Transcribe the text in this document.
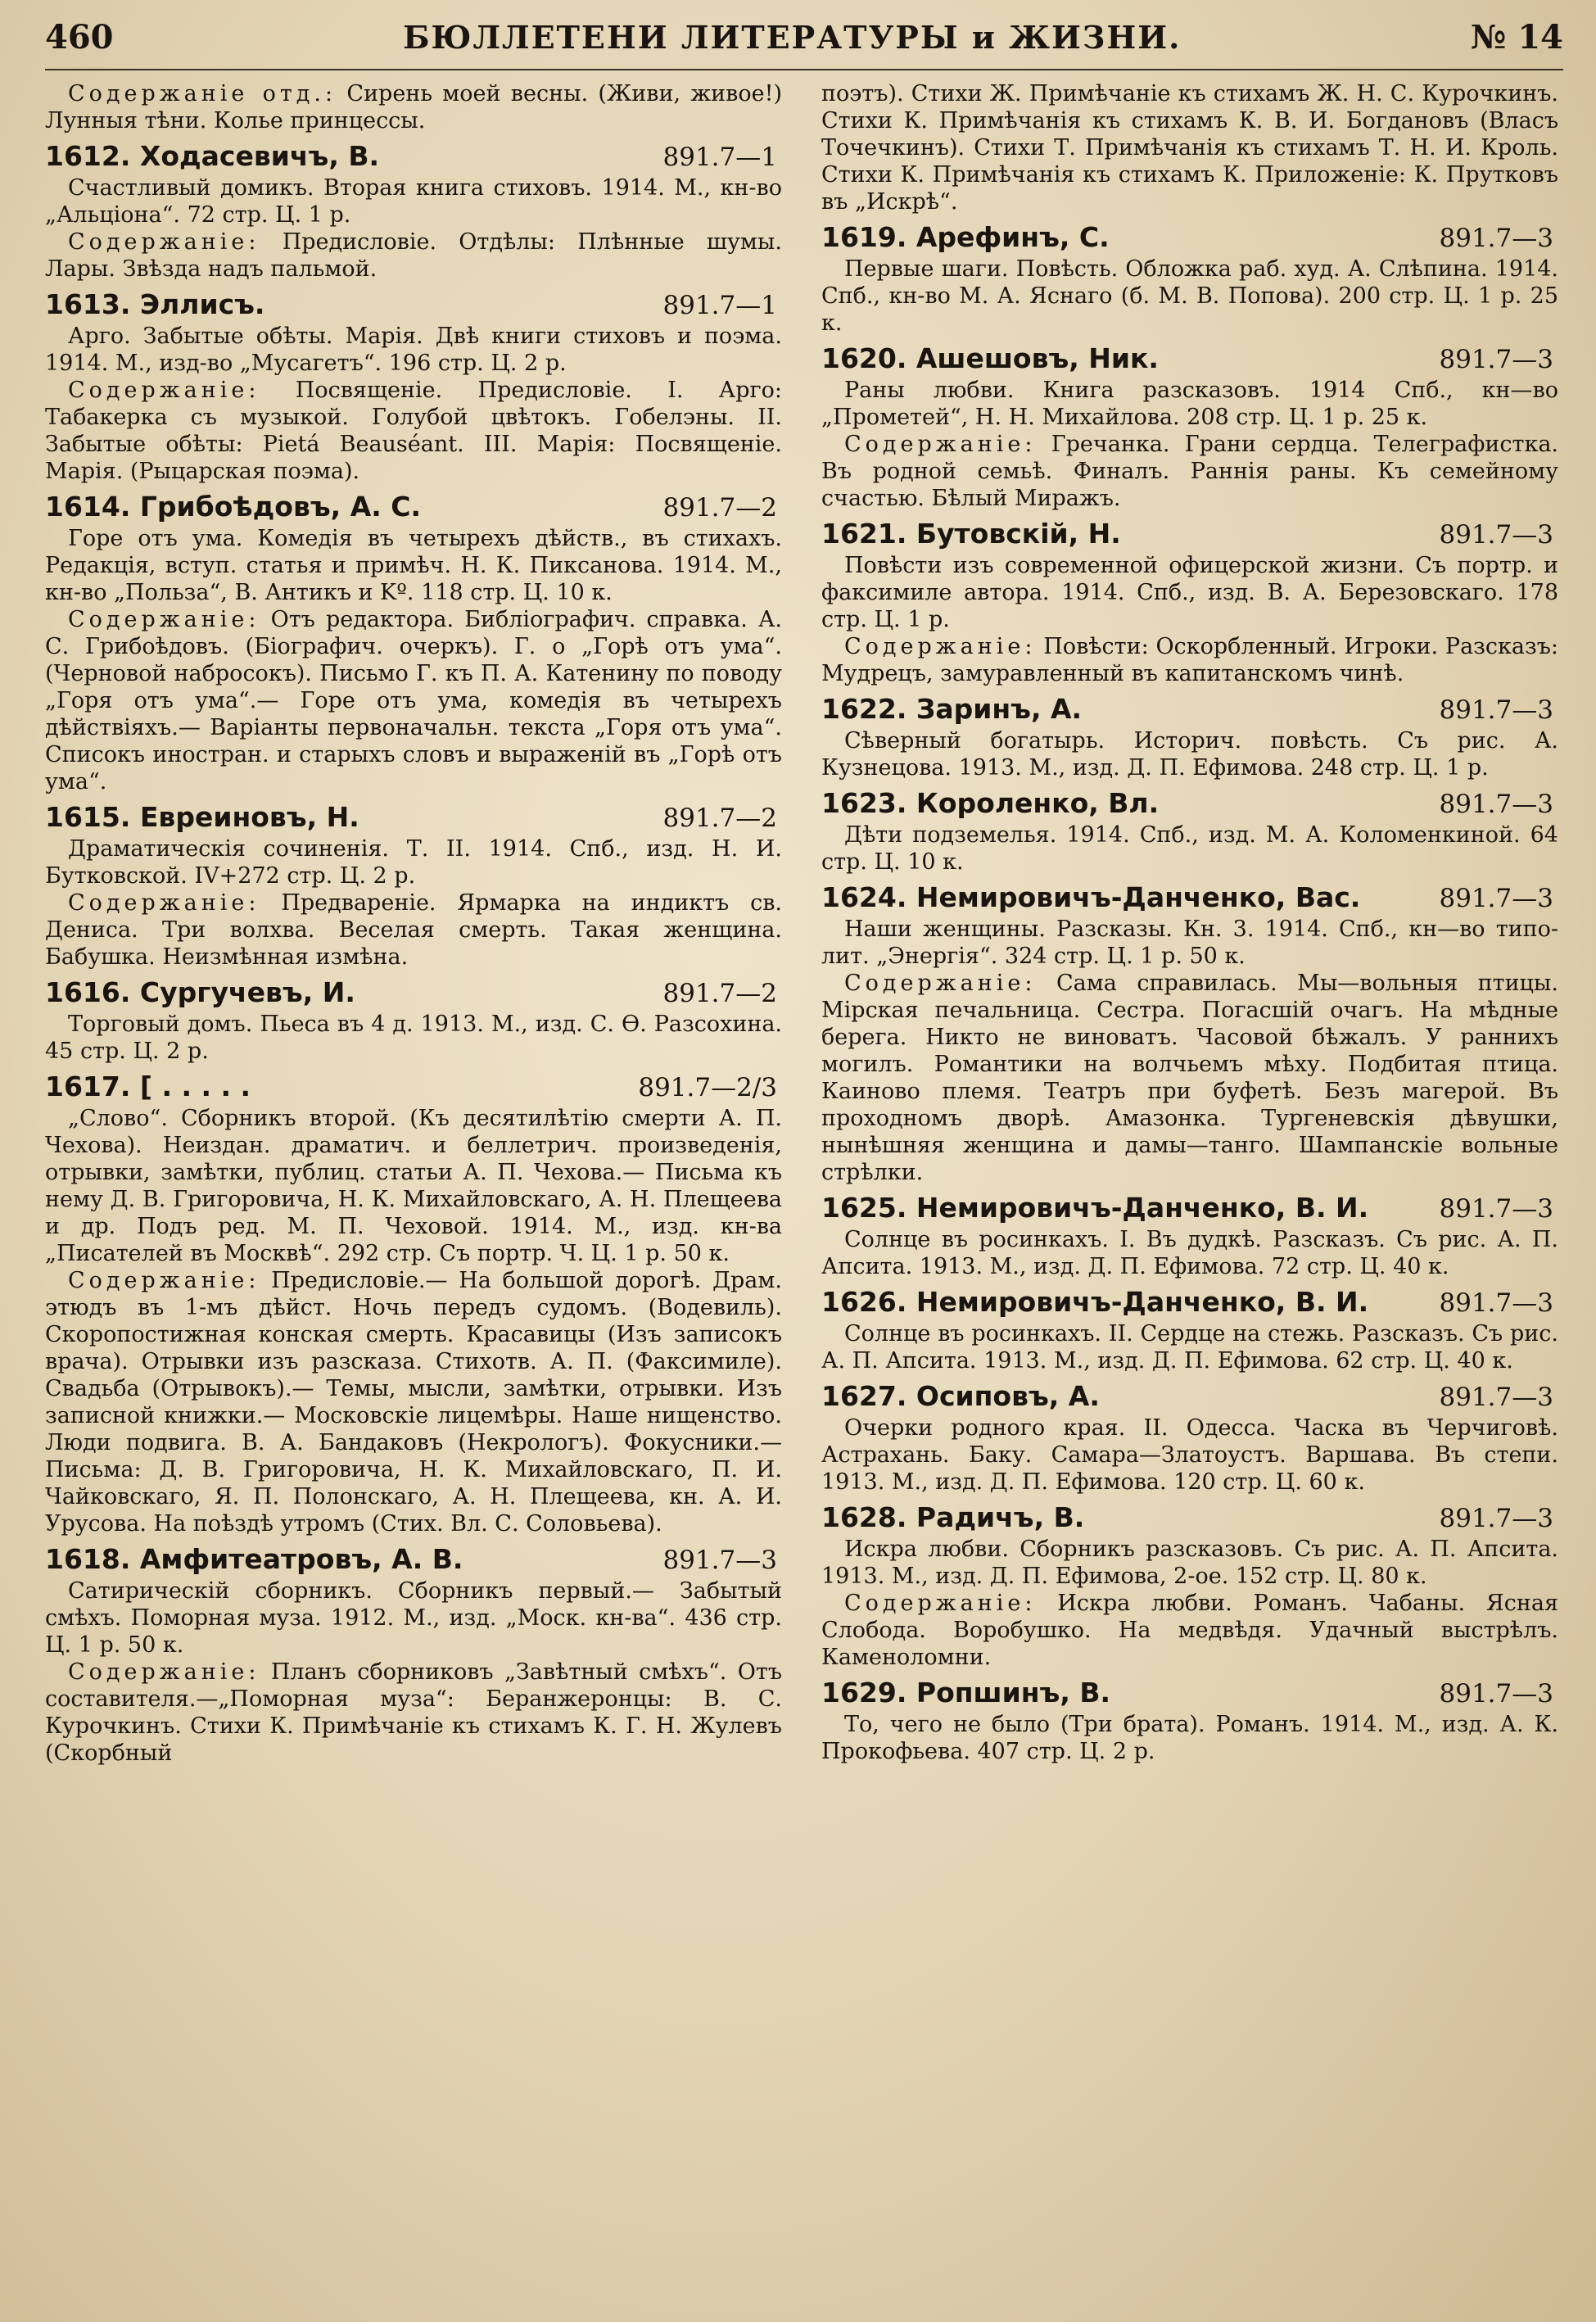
460	БЮЛЛЕТЕНИ ЛИТЕРАТУРЫ и ЖИЗНИ.	№ 14

Содержаніе отд.: Сирень моей весны. (Живи, живое!) Лунныя тѣни. Колье принцессы.

1612. Ходасевичъ, В.	891.7—1

Счастливый домикъ. Вторая книга стиховъ. 1914. М., кн-во „Альціона“. 72 стр. Ц. 1 р.

Содержаніе: Предисловіе. Отдѣлы: Плѣнные шумы. Лары. Звѣзда надъ пальмой.

1613. Эллисъ.	891.7—1

Арго. Забытые обѣты. Марія. Двѣ книги стиховъ и поэма. 1914. М., изд-во „Мусагетъ“. 196 стр. Ц. 2 р.

Содержаніе: Посвященіе. Предисловіе. I. Арго: Табакерка съ музыкой. Голубой цвѣтокъ. Гобелэны. II. Забытые обѣты: Pietá Beauséant. III. Марія: Посвященіе. Марія. (Рыцарская поэма).

1614. Грибоѣдовъ, А. С.	891.7—2

Горе отъ ума. Комедія въ четырехъ дѣйств., въ стихахъ. Редакція, вступ. статья и примѣч. Н. К. Пиксанова. 1914. М., кн-во „Польза“, В. Антикъ и Kº. 118 стр. Ц. 10 к.

Содержаніе: Отъ редактора. Библіографич. справка. А. С. Грибоѣдовъ. (Біографич. очеркъ). Г. о „Горѣ отъ ума“. (Черновой набросокъ). Письмо Г. къ П. А. Катенину по поводу „Горя отъ ума“.— Горе отъ ума, комедія въ четырехъ дѣйствіяхъ.— Варіанты первоначальн. текста „Горя отъ ума“. Списокъ иностран. и старыхъ словъ и выраженій въ „Горѣ отъ ума“.

1615. Евреиновъ, Н.	891.7—2

Драматическія сочиненія. Т. II. 1914. Спб., изд. Н. И. Бутковской. IV+272 стр. Ц. 2 р.

Содержаніе: Предвареніе. Ярмарка на индиктъ св. Дениса. Три волхва. Веселая смерть. Такая женщина. Бабушка. Неизмѣнная измѣна.

1616. Сургучевъ, И.	891.7—2

Торговый домъ. Пьеса въ 4 д. 1913. М., изд. С. Ѳ. Разсохина. 45 стр. Ц. 2 р.

1617. [ . . . . .	891.7—2/3

„Слово“. Сборникъ второй. (Къ десятилѣтію смерти А. П. Чехова). Неиздан. драматич. и беллетрич. произведенія, отрывки, замѣтки, публиц. статьи А. П. Чехова.— Письма къ нему Д. В. Григоровича, Н. К. Михайловскаго, А. Н. Плещеева и др. Подъ ред. М. П. Чеховой. 1914. М., изд. кн-ва „Писателей въ Москвѣ“. 292 стр. Съ портр. Ч. Ц. 1 р. 50 к.

Содержаніе: Предисловіе.— На большой дорогѣ. Драм. этюдъ въ 1-мъ дѣйст. Ночь передъ судомъ. (Водевиль). Скоропостижная конская смерть. Красавицы (Изъ записокъ врача). Отрывки изъ разсказа. Стихотв. А. П. (Факсимиле). Свадьба (Отрывокъ).— Темы, мысли, замѣтки, отрывки. Изъ записной книжки.— Московскіе лицемѣры. Наше нищенство. Люди подвига. В. А. Бандаковъ (Некрологъ). Фокусники.— Письма: Д. В. Григоровича, Н. К. Михайловскаго, П. И. Чайковскаго, Я. П. Полонскаго, А. Н. Плещеева, кн. А. И. Урусова. На поѣздѣ утромъ (Стих. Вл. С. Соловьева).

1618. Амфитеатровъ, А. В.	891.7—3

Сатирическій сборникъ. Сборникъ первый.— Забытый смѣхъ. Поморная муза. 1912. М., изд. „Моск. кн-ва“. 436 стр. Ц. 1 р. 50 к.

Содержаніе: Планъ сборниковъ „Завѣтный смѣхъ“. Отъ составителя.—„Поморная муза“: Беранжеронцы: В. С. Курочкинъ. Стихи К. Примѣчаніе къ стихамъ К. Г. Н. Жулевъ (Скорбный

поэтъ). Стихи Ж. Примѣчаніе къ стихамъ Ж. Н. С. Курочкинъ. Стихи К. Примѣчанія къ стихамъ К. В. И. Богдановъ (Власъ Точечкинъ). Стихи Т. Примѣчанія къ стихамъ Т. Н. И. Кроль. Стихи К. Примѣчанія къ стихамъ К. Приложеніе: К. Прутковъ въ „Искрѣ“.

1619. Арефинъ, С.	891.7—3

Первые шаги. Повѣсть. Обложка раб. худ. А. Слѣпина. 1914. Спб., кн-во М. А. Яснаго (б. М. В. Попова). 200 стр. Ц. 1 р. 25 к.

1620. Ашешовъ, Ник.	891.7—3

Раны любви. Книга разсказовъ. 1914 Спб., кн—во „Прометей“, Н. Н. Михайлова. 208 стр. Ц. 1 р. 25 к.

Содержаніе: Гречанка. Грани сердца. Телеграфистка. Въ родной семьѣ. Финалъ. Раннія раны. Къ семейному счастью. Бѣлый Миражъ.

1621. Бутовскій, Н.	891.7—3

Повѣсти изъ современной офицерской жизни. Съ портр. и факсимиле автора. 1914. Спб., изд. В. А. Березовскаго. 178 стр. Ц. 1 р.

Содержаніе: Повѣсти: Оскорбленный. Игроки. Разсказъ: Мудрецъ, замуравленный въ капитанскомъ чинѣ.

1622. Заринъ, А.	891.7—3

Сѣверный богатырь. Историч. повѣсть. Съ рис. А. Кузнецова. 1913. М., изд. Д. П. Ефимова. 248 стр. Ц. 1 р.

1623. Короленко, Вл.	891.7—3

Дѣти подземелья. 1914. Спб., изд. М. А. Коломенкиной. 64 стр. Ц. 10 к.

1624. Немировичъ-Данченко, Вас.	891.7—3

Наши женщины. Разсказы. Кн. 3. 1914. Спб., кн—во типо-лит. „Энергія“. 324 стр. Ц. 1 р. 50 к.

Содержаніе: Сама справилась. Мы—вольныя птицы. Мірская печальница. Сестра. Погасшій очагъ. На мѣдные берега. Никто не виноватъ. Часовой бѣжалъ. У раннихъ могилъ. Романтики на волчьемъ мѣху. Подбитая птица. Каиново племя. Театръ при буфетѣ. Безъ магерой. Въ проходномъ дворѣ. Амазонка. Тургеневскія дѣвушки, нынѣшняя женщина и дамы—танго. Шампанскіе вольные стрѣлки.

1625. Немировичъ-Данченко, В. И.	891.7—3

Солнце въ росинкахъ. I. Въ дудкѣ. Разсказъ. Съ рис. А. П. Апсита. 1913. М., изд. Д. П. Ефимова. 72 стр. Ц. 40 к.

1626. Немировичъ-Данченко, В. И.	891.7—3

Солнце въ росинкахъ. II. Сердце на стежь. Разсказъ. Съ рис. А. П. Апсита. 1913. М., изд. Д. П. Ефимова. 62 стр. Ц. 40 к.

1627. Осиповъ, А.	891.7—3

Очерки родного края. II. Одесса. Часка въ Черчиговѣ. Астрахань. Баку. Самара—Златоустъ. Варшава. Въ степи. 1913. М., изд. Д. П. Ефимова. 120 стр. Ц. 60 к.

1628. Радичъ, В.	891.7—3

Искра любви. Сборникъ разсказовъ. Съ рис. А. П. Апсита. 1913. М., изд. Д. П. Ефимова, 2-ое. 152 стр. Ц. 80 к.

Содержаніе: Искра любви. Романъ. Чабаны. Ясная Слобода. Воробушко. На медвѣдя. Удачный выстрѣлъ. Каменоломни.

1629. Ропшинъ, В.	891.7—3

То, чего не было (Три брата). Романъ. 1914. М., изд. А. К. Прокофьева. 407 стр. Ц. 2 р.
